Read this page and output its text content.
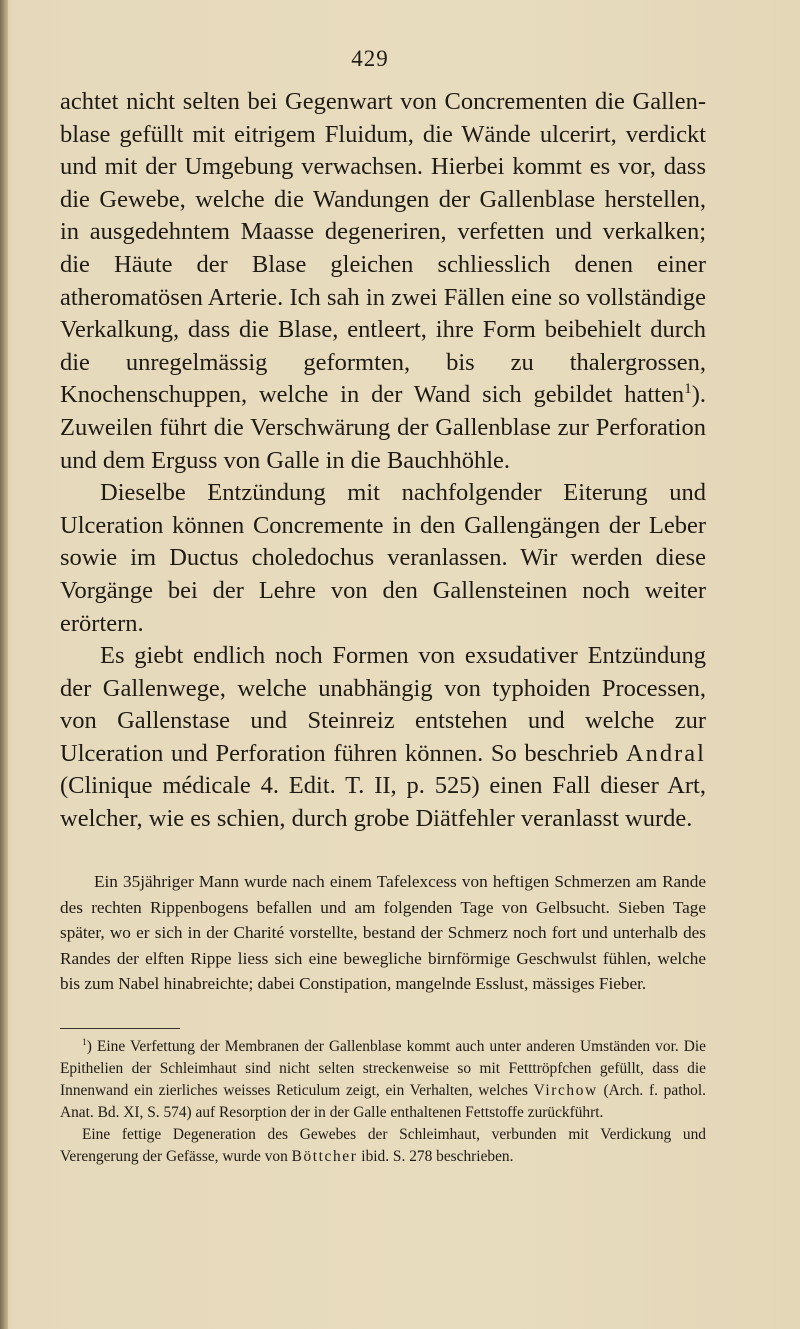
429

achtet nicht selten bei Gegenwart von Concrementen die Gallenblase gefüllt mit eitrigem Fluidum, die Wände ulcerirt, verdickt und mit der Umgebung verwachsen. Hierbei kommt es vor, dass die Gewebe, welche die Wandungen der Gallenblase herstellen, in ausgedehntem Maasse degeneriren, verfetten und verkalken; die Häute der Blase gleichen schliesslich denen einer atheromatösen Arterie. Ich sah in zwei Fällen eine so vollständige Verkalkung, dass die Blase, entleert, ihre Form beibehielt durch die unregelmässig geformten, bis zu thalergrossen, Knochenschuppen, welche in der Wand sich gebildet hatten$^1$). Zuweilen führt die Verschwärung der Gallenblase zur Perforation und dem Erguss von Galle in die Bauchhöhle.

Dieselbe Entzündung mit nachfolgender Eiterung und Ulceration können Concremente in den Gallengängen der Leber sowie im Ductus choledochus veranlassen. Wir werden diese Vorgänge bei der Lehre von den Gallensteinen noch weiter erörtern.

Es giebt endlich noch Formen von exsudativer Entzündung der Gallenwege, welche unabhängig von typhoiden Processen, von Gallenstase und Steinreiz entstehen und welche zur Ulceration und Perforation führen können. So beschrieb Andral (Clinique médicale 4. Edit. T. II, p. 525) einen Fall dieser Art, welcher, wie es schien, durch grobe Diätfehler veranlasst wurde.

Ein 35jähriger Mann wurde nach einem Tafelexcess von heftigen Schmerzen am Rande des rechten Rippenbogens befallen und am folgenden Tage von Gelbsucht. Sieben Tage später, wo er sich in der Charité vorstellte, bestand der Schmerz noch fort und unterhalb des Randes der elften Rippe liess sich eine bewegliche birnförmige Geschwulst fühlen, welche bis zum Nabel hinabreichte; dabei Constipation, mangelnde Esslust, mässiges Fieber.

$^1$) Eine Verfettung der Membranen der Gallenblase kommt auch unter anderen Umständen vor. Die Epithelien der Schleimhaut sind nicht selten streckenweise so mit Fetttröpfchen gefüllt, dass die Innenwand ein zierliches weisses Reticulum zeigt, ein Verhalten, welches Virchow (Arch. f. pathol. Anat. Bd. XI, S. 574) auf Resorption der in der Galle enthaltenen Fettstoffe zurückführt.

Eine fettige Degeneration des Gewebes der Schleimhaut, verbunden mit Verdickung und Verengerung der Gefässe, wurde von Böttcher ibid. S. 278 beschrieben.
